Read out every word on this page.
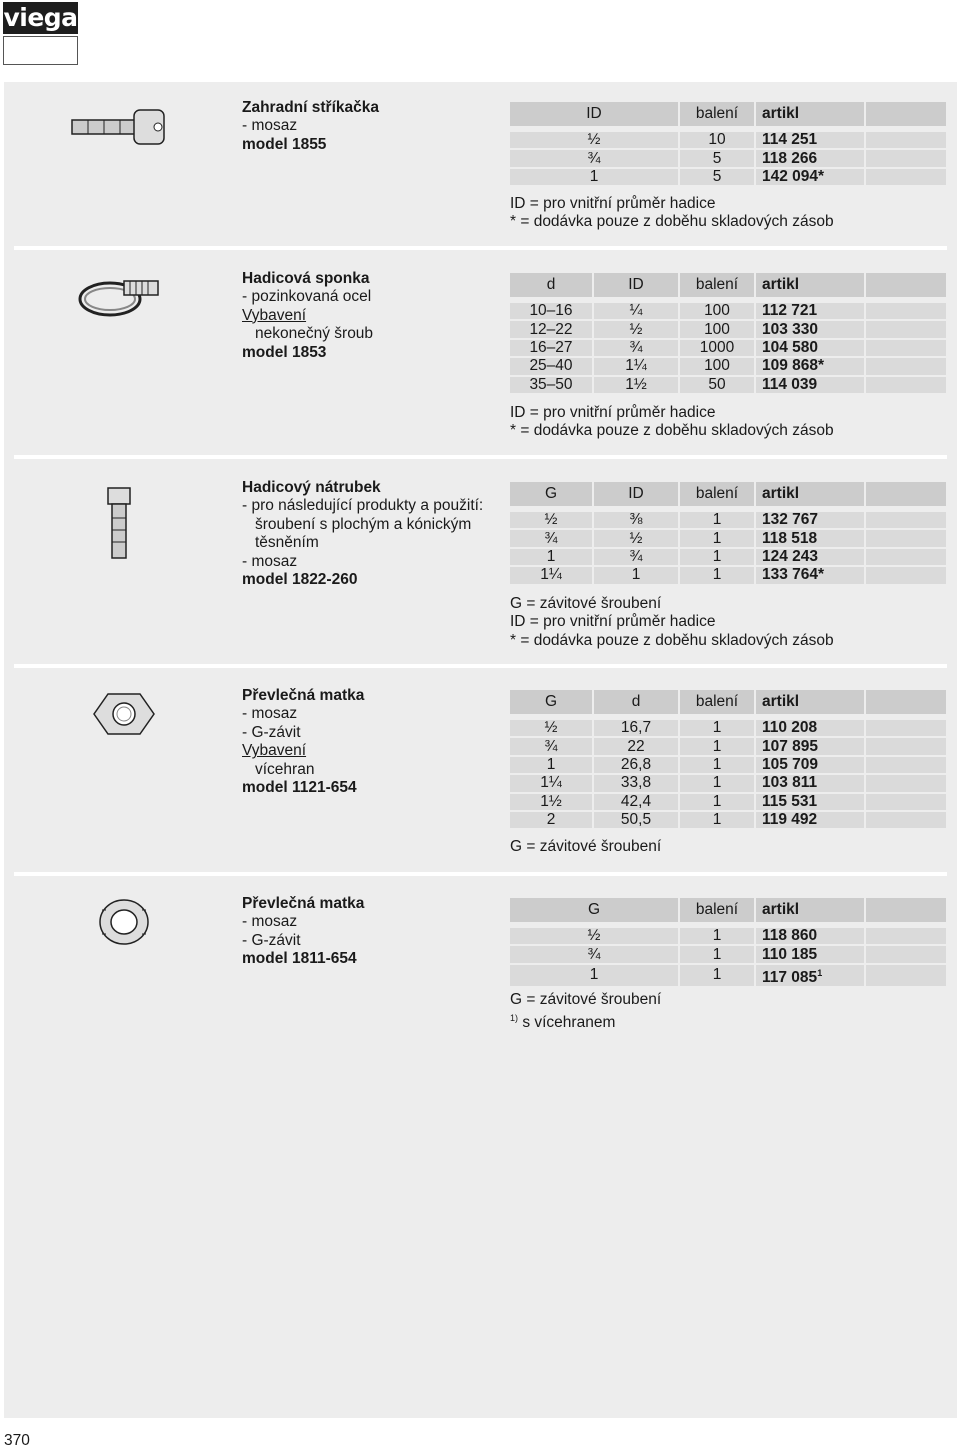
viega
Zahradní stříkačka
- mosaz
model 1855
ID	balení	artikl	
½	10	114 251	
¾	5	118 266	
1	5	142 094*	
ID = pro vnitřní průměr hadice
* = dodávka pouze z doběhu skladových zásob
Hadicová sponka
- pozinkovaná ocel
Vybavení
nekonečný šroub
model 1853
d	ID	balení	artikl	
10–16	¼	100	112 721	
12–22	½	100	103 330	
16–27	¾	1000	104 580	
25–40	1¼	100	109 868*	
35–50	1½	50	114 039	
ID = pro vnitřní průměr hadice
* = dodávka pouze z doběhu skladových zásob
Hadicový nátrubek
- pro následující produkty a použití:
šroubení s plochým a kónickým
těsněním
- mosaz
model 1822-260
G	ID	balení	artikl	
½	⅜	1	132 767	
¾	½	1	118 518	
1	¾	1	124 243	
1¼	1	1	133 764*	
G = závitové šroubení
ID = pro vnitřní průměr hadice
* = dodávka pouze z doběhu skladových zásob
Převlečná matka
- mosaz
- G-závit
Vybavení
vícehran
model 1121-654
G	d	balení	artikl	
½	16,7	1	110 208	
¾	22	1	107 895	
1	26,8	1	105 709	
1¼	33,8	1	103 811	
1½	42,4	1	115 531	
2	50,5	1	119 492	
G = závitové šroubení
Převlečná matka
- mosaz
- G-závit
model 1811-654
G	balení	artikl	
½	1	118 860	
¾	1	110 185	
1	1	117 $085^1$	
G = závitové šroubení
$^{1)}$ s vícehranem
370
